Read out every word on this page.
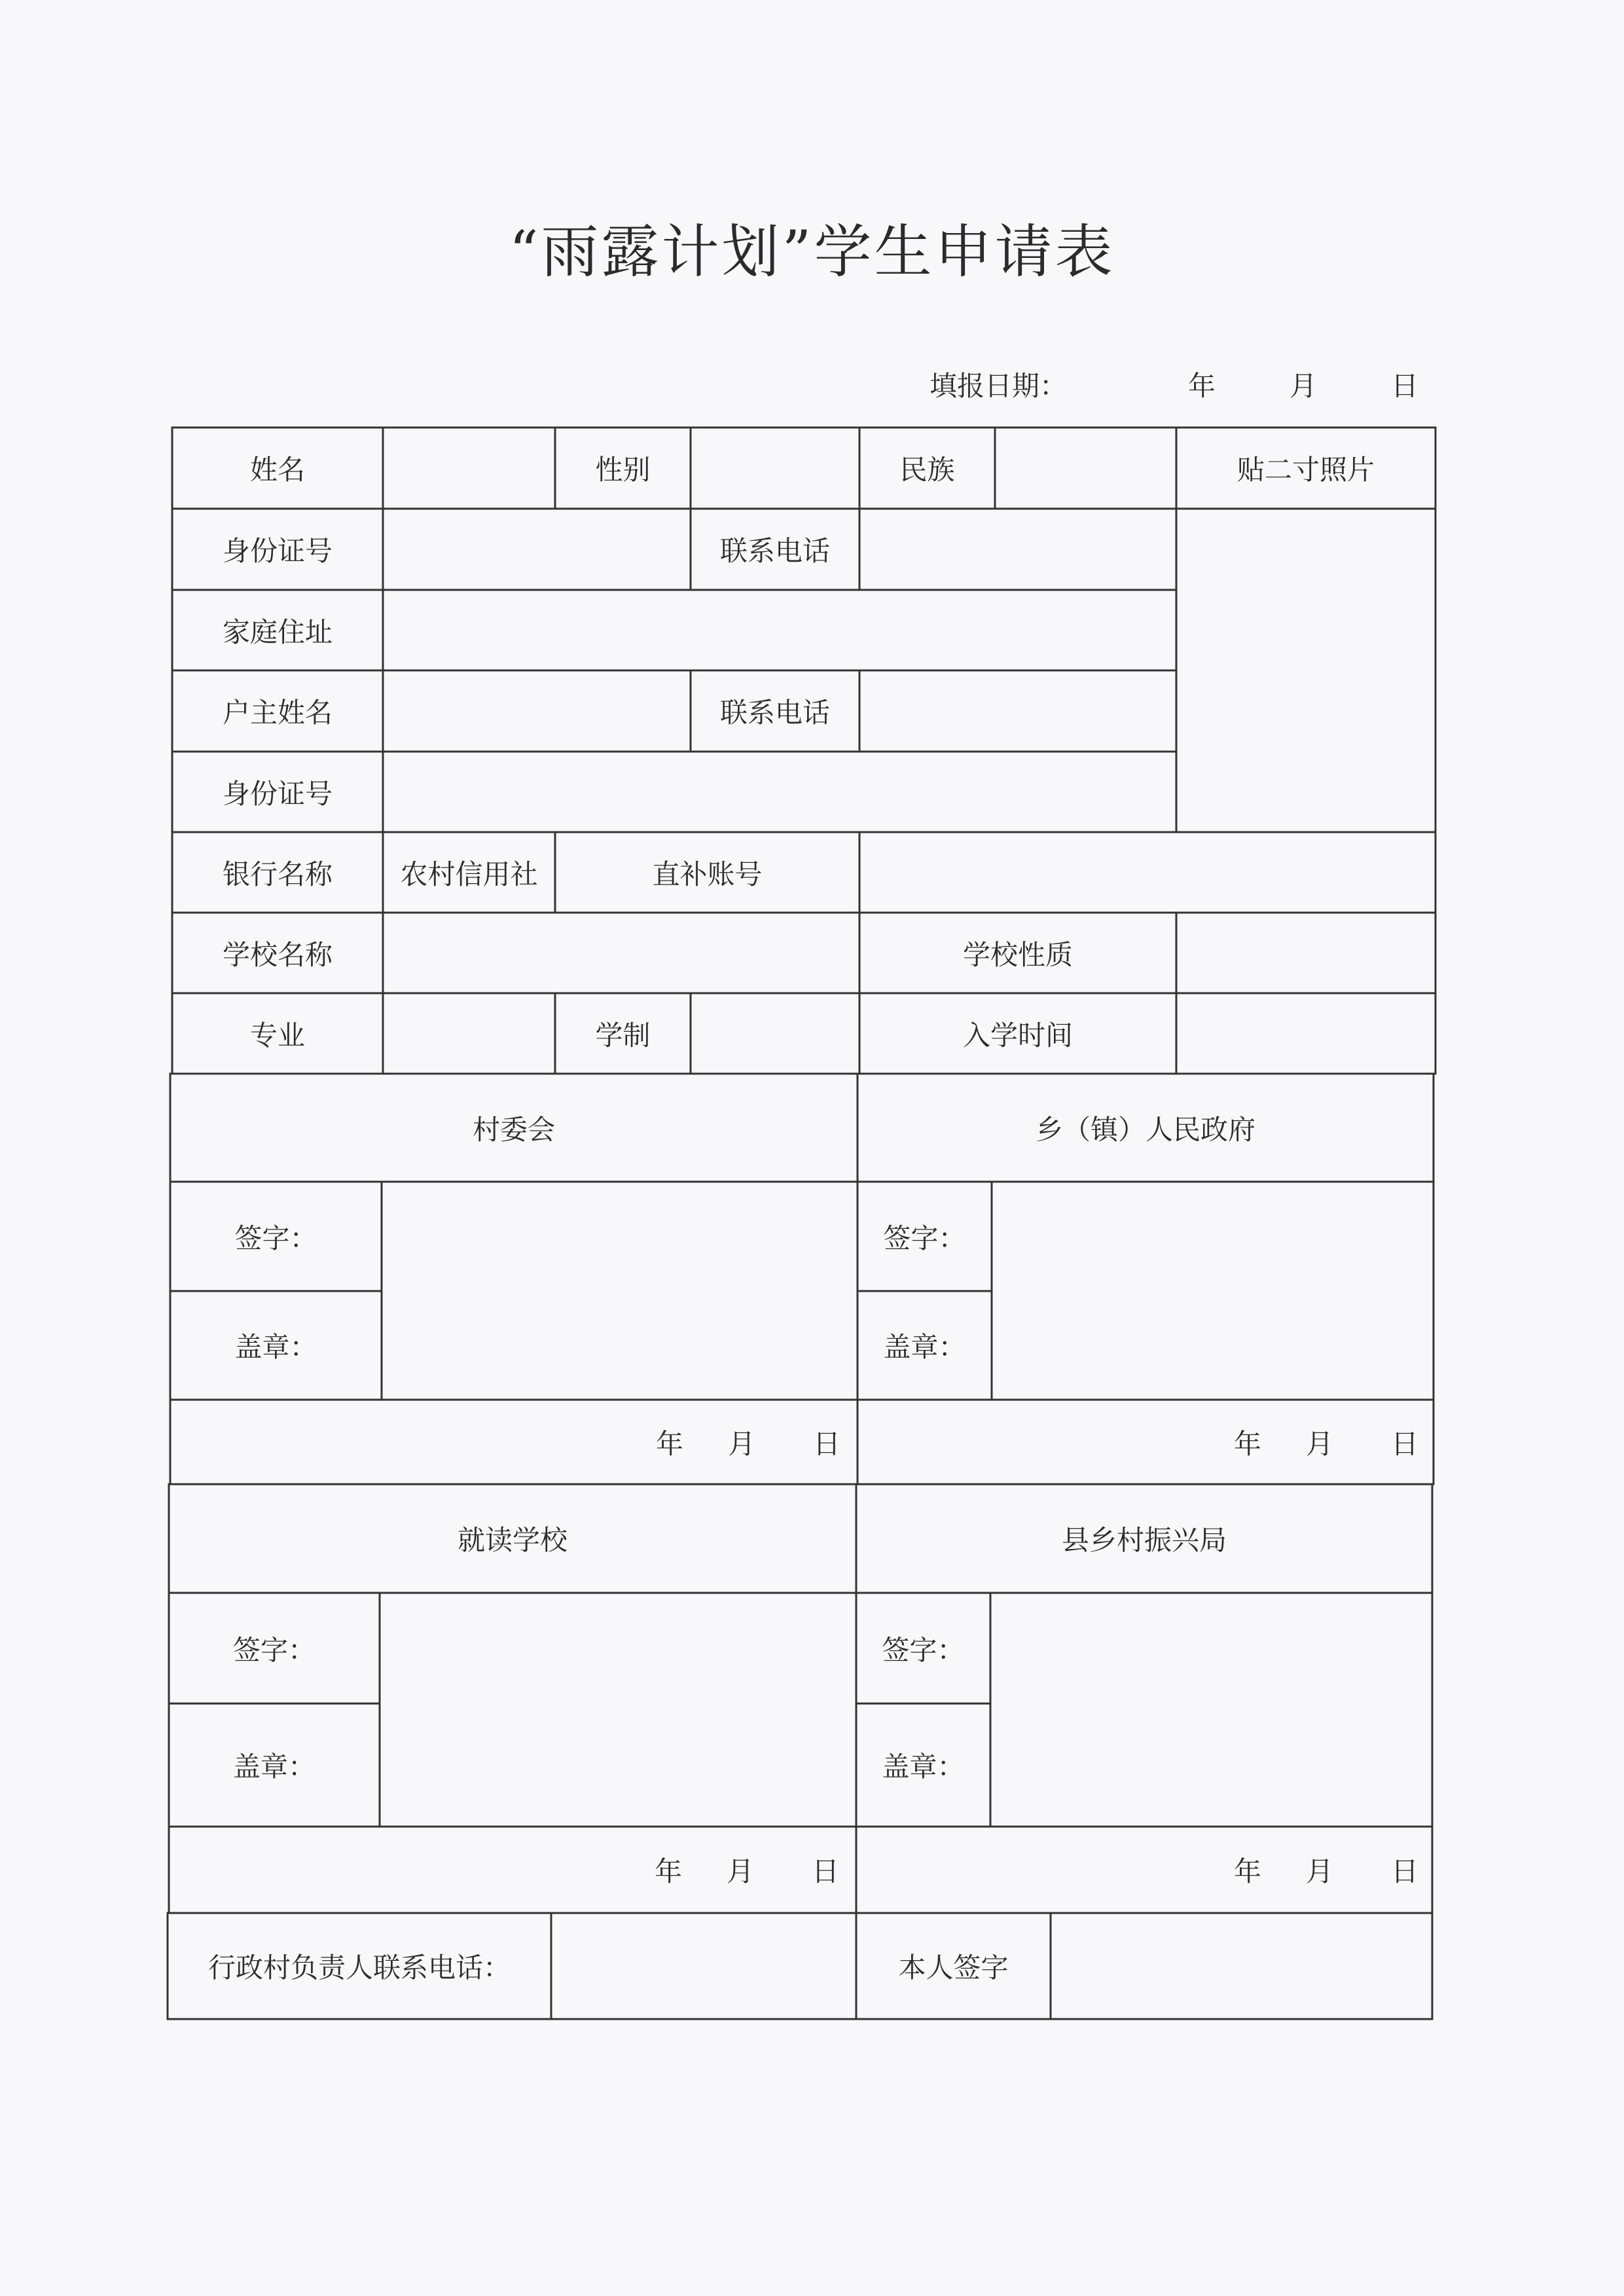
“雨露计划”学生申请表
填报日期：	年	月	日
姓名	性别	民族	贴二寸照片
身份证号	联系电话
家庭住址
户主姓名	联系电话
身份证号
银行名称	农村信用社	直补账号
学校名称	学校性质
专业	学制	入学时间
村委会	乡（镇）人民政府
签字：
盖章：
签字：
盖章：
年 月 日	年 月 日
就读学校	县乡村振兴局
签字：
盖章：
签字：
盖章：
年 月 日	年 月 日
行政村负责人联系电话：	本人签字
